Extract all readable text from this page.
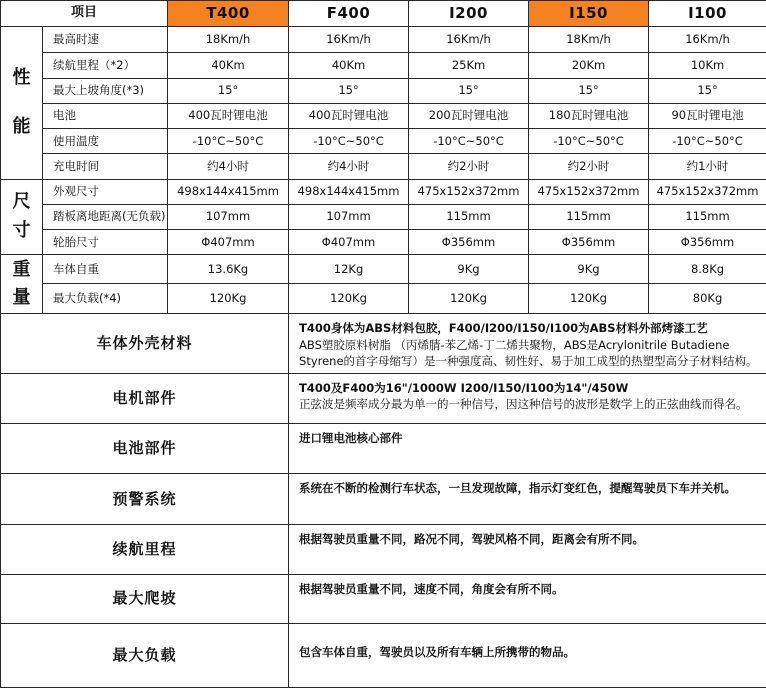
项目		T400	F400	I200	I150	I100

性
能	最高时速	18Km/h	16Km/h	16Km/h	18Km/h	16Km/h
	续航里程（*2）	40Km	40Km	25Km	20Km	10Km
	最大上坡角度(*3)	15°	15°	15°	15°	15°
	电池	400瓦时锂电池	400瓦时锂电池	200瓦时锂电池	180瓦时锂电池	90瓦时锂电池
	使用温度	-10°C~50°C	-10°C~50°C	-10°C~50°C	-10°C~50°C	-10°C~50°C
	充电时间	约4小时	约4小时	约2小时	约2小时	约1小时

尺
寸	外观尺寸	498x144x415mm	498x144x415mm	475x152x372mm	475x152x372mm	475x152x372mm
	踏板离地距离(无负载)	107mm	107mm	115mm	115mm	115mm
	轮胎尺寸	Φ407mm	Φ407mm	Φ356mm	Φ356mm	Φ356mm

重
量	车体自重	13.6Kg	12Kg	9Kg	9Kg	8.8Kg
	最大负载(*4)	120Kg	120Kg	120Kg	120Kg	80Kg
车体外壳材料			T400身体为ABS材料包胶，F400/I200/I150/I100为ABS材料外部烤漆工艺
ABS塑胶原料树脂 （丙烯腈-苯乙烯-丁二烯共聚物，ABS是Acrylonitrile Butadiene Styrene的首字母缩写）是一种强度高、韧性好、易于加工成型的热塑型高分子材料结构。			

电机部件			T400及F400为16"/1000W I200/I150/I100为14"/450W
正弦波是频率成分最为单一的一种信号，因这种信号的波形是数学上的正弦曲线而得名。			

电池部件			进口锂电池核心部件			

预警系统			系统在不断的检测行车状态，一旦发现故障，指示灯变红色，提醒驾驶员下车并关机。			

续航里程			根据驾驶员重量不同，路况不同，驾驶风格不同，距离会有所不同。			

最大爬坡			根据驾驶员重量不同，速度不同，角度会有所不同。			

最大负载			包含车体自重，驾驶员以及所有车辆上所携带的物品。			
